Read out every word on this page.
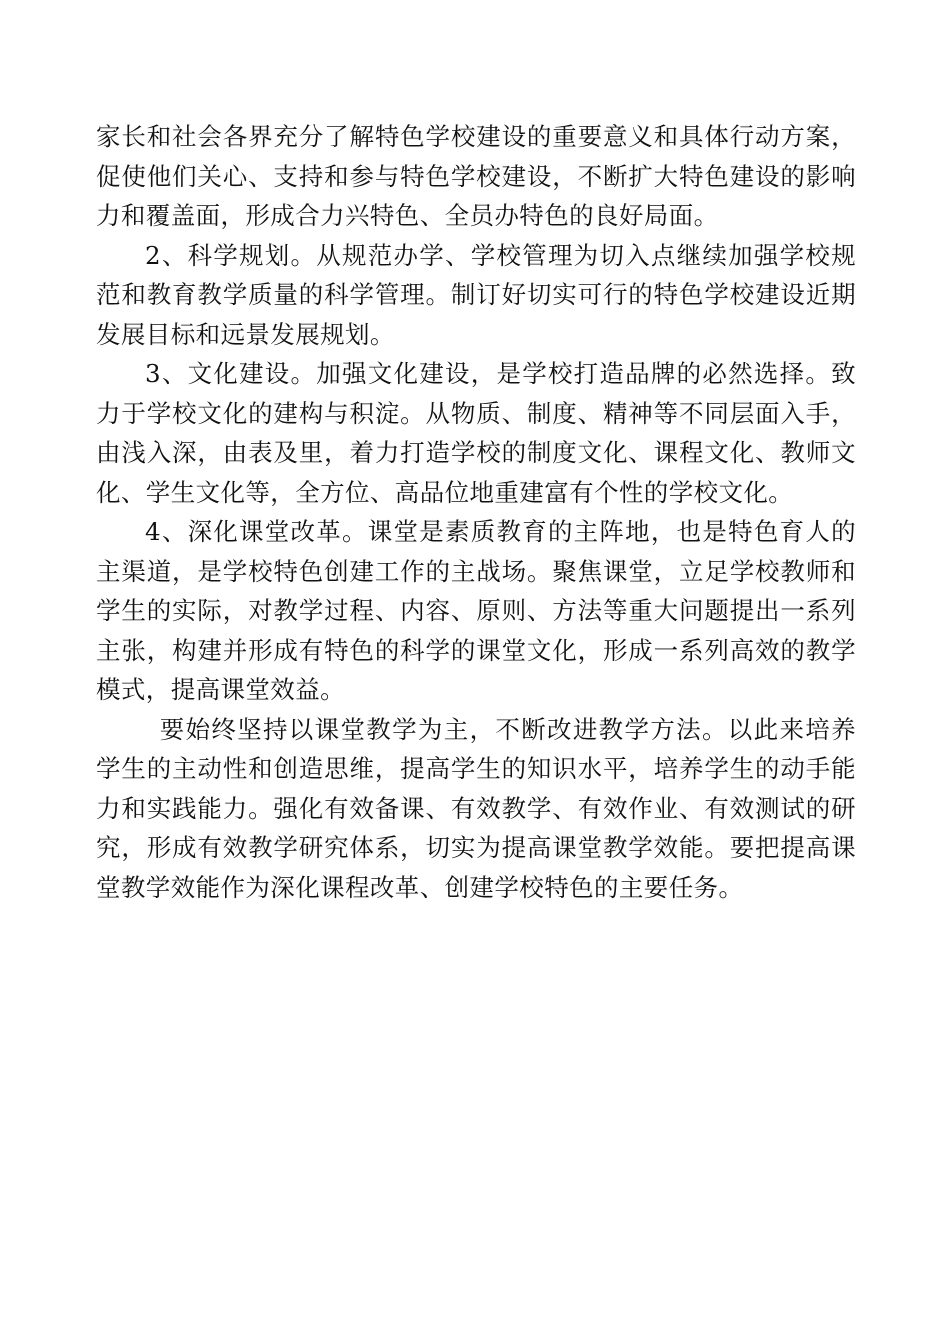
家长和社会各界充分了解特色学校建设的重要意义和具体行动方案，促使他们关心、支持和参与特色学校建设，不断扩大特色建设的影响力和覆盖面，形成合力兴特色、全员办特色的良好局面。

2、科学规划。从规范办学、学校管理为切入点继续加强学校规范和教育教学质量的科学管理。制订好切实可行的特色学校建设近期发展目标和远景发展规划。

3、文化建设。加强文化建设，是学校打造品牌的必然选择。致力于学校文化的建构与积淀。从物质、制度、精神等不同层面入手，由浅入深，由表及里，着力打造学校的制度文化、课程文化、教师文化、学生文化等，全方位、高品位地重建富有个性的学校文化。

4、深化课堂改革。课堂是素质教育的主阵地，也是特色育人的主渠道，是学校特色创建工作的主战场。聚焦课堂，立足学校教师和学生的实际，对教学过程、内容、原则、方法等重大问题提出一系列主张，构建并形成有特色的科学的课堂文化，形成一系列高效的教学模式，提高课堂效益。

要始终坚持以课堂教学为主，不断改进教学方法。以此来培养学生的主动性和创造思维，提高学生的知识水平，培养学生的动手能力和实践能力。强化有效备课、有效教学、有效作业、有效测试的研究，形成有效教学研究体系，切实为提高课堂教学效能。要把提高课堂教学效能作为深化课程改革、创建学校特色的主要任务。
